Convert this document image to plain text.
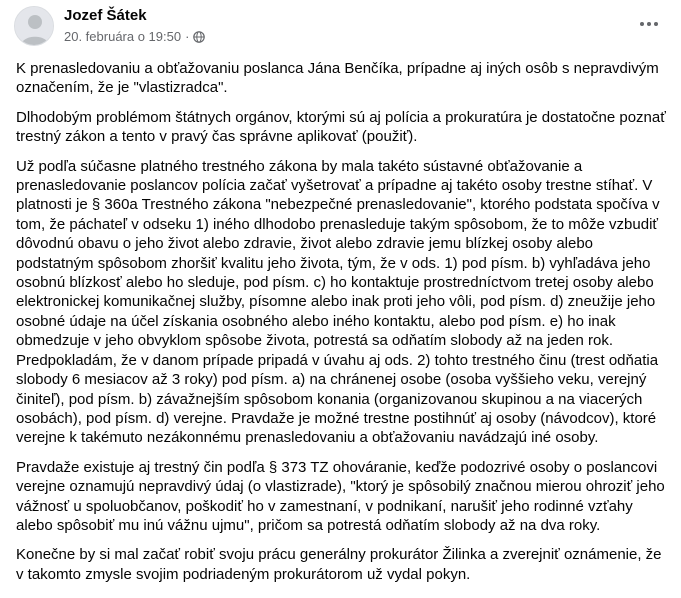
Jozef Šátek
20. februára o 19:50 ·

K prenasledovaniu a obťažovaniu poslanca Jána Benčíka, prípadne aj iných osôb s nepravdivým označením, že je "vlastizradca".

Dlhodobým problémom štátnych orgánov, ktorými sú aj polícia a prokuratúra je dostatočne poznať trestný zákon a tento v pravý čas správne aplikovať (použiť).

Už podľa súčasne platného trestného zákona by mala takéto sústavné obťažovanie a prenasledovanie poslancov polícia začať vyšetrovať a prípadne aj takéto osoby trestne stíhať. V platnosti je § 360a Trestného zákona "nebezpečné prenasledovanie", ktorého podstata spočíva v tom, že páchateľ v odseku 1) iného dlhodobo prenasleduje takým spôsobom, že to môže vzbudiť dôvodnú obavu o jeho život alebo zdravie, život alebo zdravie jemu blízkej osoby alebo podstatným spôsobom zhoršiť kvalitu jeho života, tým, že v ods. 1) pod písm. b) vyhľadáva jeho osobnú blízkosť alebo ho sleduje, pod písm. c) ho kontaktuje prostredníctvom tretej osoby alebo elektronickej komunikačnej služby, písomne alebo inak proti jeho vôli, pod písm. d) zneužije jeho osobné údaje na účel získania osobného alebo iného kontaktu, alebo pod písm. e) ho inak obmedzuje v jeho obvyklom spôsobe života, potrestá sa odňatím slobody až na jeden rok. Predpokladám, že v danom prípade pripadá v úvahu aj ods. 2) tohto trestného činu (trest odňatia slobody 6 mesiacov až 3 roky) pod písm. a) na chránenej osobe (osoba vyššieho veku, verejný činiteľ), pod písm. b) závažnejším spôsobom konania (organizovanou skupinou a na viacerých osobách), pod písm. d) verejne. Pravdaže je možné trestne postihnúť aj osoby (návodcov), ktoré verejne k takémuto nezákonnému prenasledovaniu a obťažovaniu navádzajú iné osoby.

Pravdaže existuje aj trestný čin podľa § 373 TZ ohováranie, keďže podozrivé osoby o poslancovi verejne oznamujú nepravdivý údaj (o vlastizrade), "ktorý je spôsobilý značnou mierou ohroziť jeho vážnosť u spoluobčanov, poškodiť ho v zamestnaní, v podnikaní, narušiť jeho rodinné vzťahy alebo spôsobiť mu inú vážnu ujmu", pričom sa potrestá odňatím slobody až na dva roky.

Konečne by si mal začať robiť svoju prácu generálny prokurátor Žilinka a zverejniť oznámenie, že v takomto zmysle svojim podriadeným prokurátorom už vydal pokyn.
